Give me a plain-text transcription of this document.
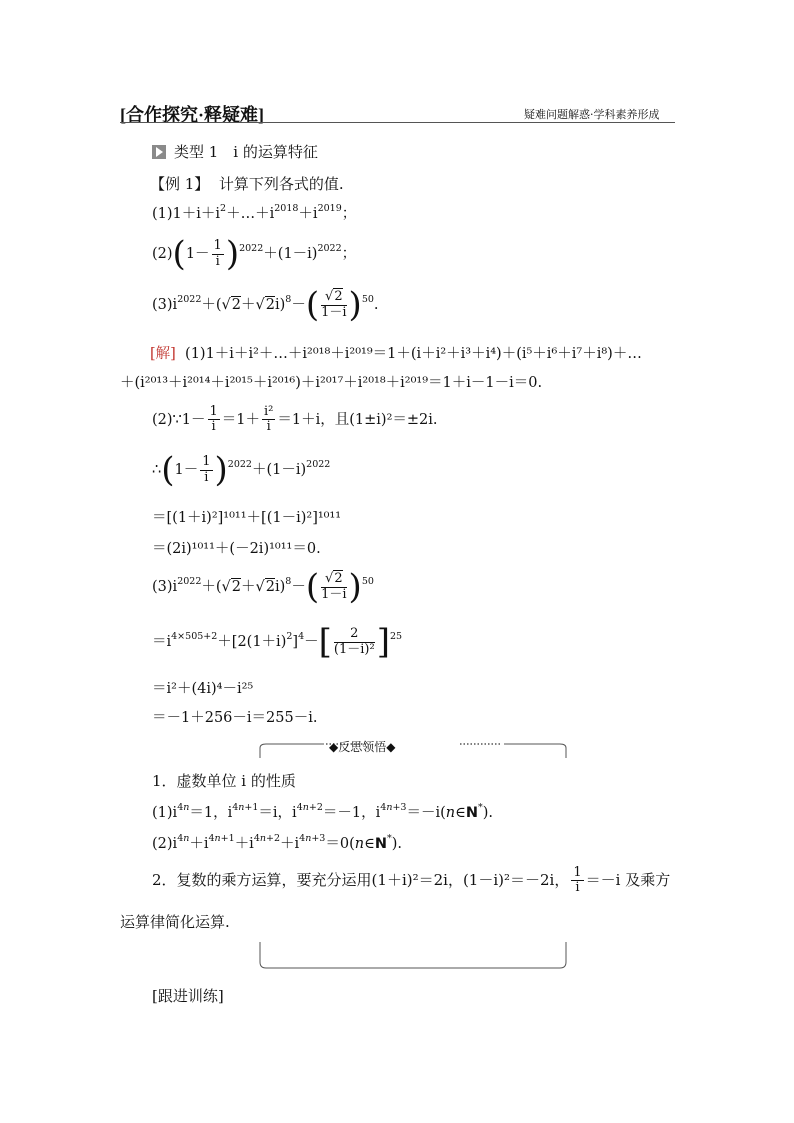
[合作探究·释疑难]	疑难问题解惑·学科素养形成
类型 1　i 的运算特征
【例 1】 计算下列各式的值.
$(1)1+i+i^2+\dots+i^{2018}+i^{2019}$；
$(2)(1- \frac{1}{i} )^{2022}+(1-i)^{2022}$；
$(3)i^{2022}+(√2+√2i)^8-( \frac{√2}{1-i} )^{50}$.
[解] (1)1＋i＋i²＋…＋i²⁰¹⁸＋i²⁰¹⁹＝1＋(i＋i²＋i³＋i⁴)＋(i⁵＋i⁶＋i⁷＋i⁸)＋…
＋(i²⁰¹³＋i²⁰¹⁴＋i²⁰¹⁵＋i²⁰¹⁶)＋i²⁰¹⁷＋i²⁰¹⁸＋i²⁰¹⁹＝1＋i－1－i＝0.
(2)∵1－ $\frac{1}{i} =1+ \frac{\text{i²}}{i} =1+i$，且(1±i)²＝±2i.
∴(1－ $\frac{1}{i} )^{2022}+(1-i)^{2022}$
＝[(1＋i)²]¹⁰¹¹＋[(1－i)²]¹⁰¹¹
＝(2i)¹⁰¹¹＋(－2i)¹⁰¹¹＝0.
$(3)i^{2022}+(√2+√2i)^8-( \frac{√2}{1-i} )^{50}$
$=i^{4\times 505+2}+[2(1+i)^2]^4-[ \frac{2}{\text{(1－i)²}} ]^{25}$
＝i²＋(4i)⁴－i²⁵
＝－1＋256－i＝255－i.
◆反思领悟◆
1．虚数单位 i 的性质
$(1)i^{4n}=1$，$i^{4n+1}=i$，$i^{4n+2}=-1$，$i^{4n+3}=-i(n\in N^*)$.
$(2)i^{4n}+i^{4n+1}+i^{4n+2}+i^{4n+3}=0(n\in N^*)$.
2．复数的乘方运算，要充分运用(1＋i)²＝2i，(1－i)²＝－2i， $\frac{1}{i} =-i$ 及乘方
运算律简化运算.
[跟进训练]
